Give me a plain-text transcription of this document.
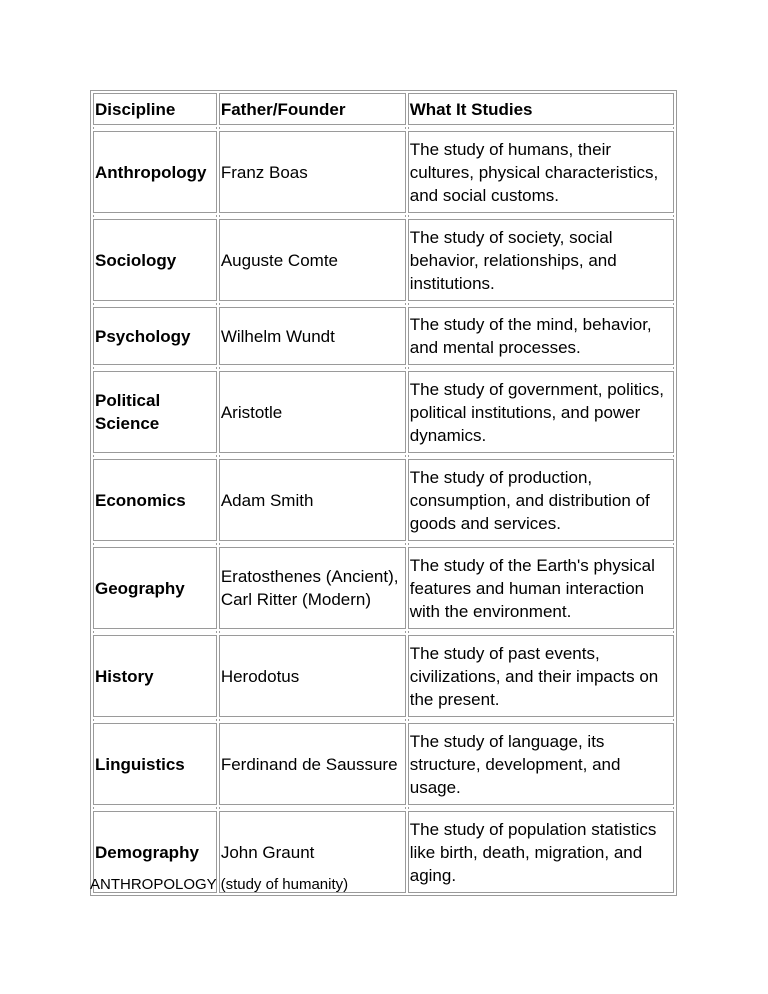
Discipline	Father/Founder	What It Studies

Anthropology	Franz Boas	The study of humans, their cultures, physical characteristics, and social customs.

Sociology	Auguste Comte	The study of society, social behavior, relationships, and institutions.

Psychology	Wilhelm Wundt	The study of the mind, behavior, and mental processes.

Political Science	Aristotle	The study of government, politics, political institutions, and power dynamics.

Economics	Adam Smith	The study of production, consumption, and distribution of goods and services.

Geography	Eratosthenes (Ancient), Carl Ritter (Modern)	The study of the Earth's physical features and human interaction with the environment.

History	Herodotus	The study of past events, civilizations, and their impacts on the present.

Linguistics	Ferdinand de Saussure	The study of language, its structure, development, and usage.

Demography	John Graunt	The study of population statistics like birth, death, migration, and aging.
ANTHROPOLOGY (study of humanity)
